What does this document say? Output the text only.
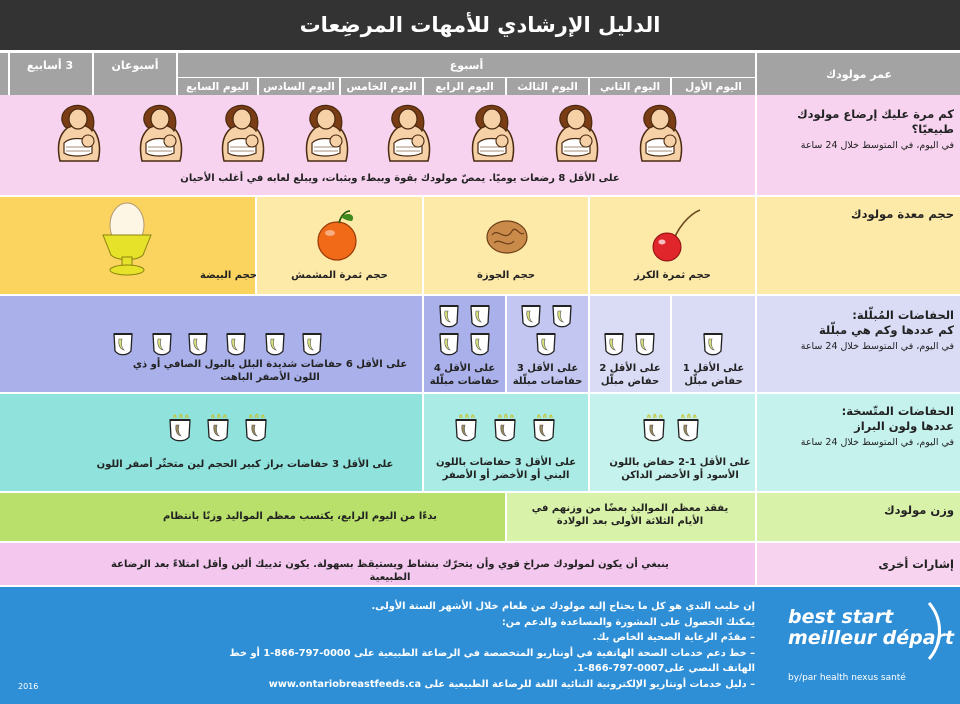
الدليل الإرشادي للأمهات المرضِعات
عمر مولودك
أسبوع
أسبوعان
3 أسابيع
اليوم الأول
اليوم الثاني
اليوم الثالث
اليوم الرابع
اليوم الخامس
اليوم السادس
اليوم السابع
كم مرة عليك إرضاع مولودك طبيعيًا؟
في اليوم، في المتوسط خلال 24 ساعة
على الأقل 8 رضعات يوميًا. يمصّ مولودك بقوة وببطء وبثبات، ويبلع لعابه في أغلب الأحيان
حجم معدة مولودك
حجم ثمرة الكرز
حجم الجوزة
حجم ثمرة المشمش
حجم البيضة
الحفاضات المُبلّلة:
كم عددها وكم هي مبلّلة
في اليوم، في المتوسط خلال 24 ساعة
على الأقل 1 حفاض مبلّل
على الأقل 2 حفاض مبلّل
على الأقل 3 حفاضات مبلّلة
على الأقل 4 حفاضات مبلّلة
على الأقل 6 حفاضات شديدة البلل بالبول الصافي أو ذي اللون الأصفر الباهت
الحفاضات المتّسخة:
عددها ولون البراز
في اليوم، في المتوسط خلال 24 ساعة
على الأقل 1-2 حفاض باللون الأسود أو الأخضر الداكن
على الأقل 3 حفاضات باللون البني أو الأخضر أو الأصفر
على الأقل 3 حفاضات براز كبير الحجم لين متخثّر أصفر اللون
وزن مولودك
يفقد معظم المواليد بعضًا من وزنهم في الأيام الثلاثة الأولى بعد الولادة
بدءًا من اليوم الرابع، يكتسب معظم المواليد وزنًا بانتظام
إشارات أخرى
ينبغي أن يكون لمولودك صراخ قوي وأن يتحرّك بنشاط ويستيقظ بسهولة. يكون ثدييك ألين وأقل امتلاءً بعد الرضاعة الطبيعية
إن حليب الثدي هو كل ما يحتاج إليه مولودك من طعام خلال الأشهر الستة الأولى.
يمكنك الحصول على المشورة والمساعدة والدعم من:
– مقدّم الرعاية الصحية الخاص بك.
– خط دعم خدمات الصحة الهاتفية في أونتاريو المتخصصة في الرضاعة الطبيعية على 0000-797-866-1 أو خط الهاتف النصي على0007-797-866-1.
– دليل خدمات أونتاريو الإلكترونية الثنائية اللغة للرضاعة الطبيعية على www.ontariobreastfeeds.ca
best start
meilleur départ
by/par health nexus santé
2016
